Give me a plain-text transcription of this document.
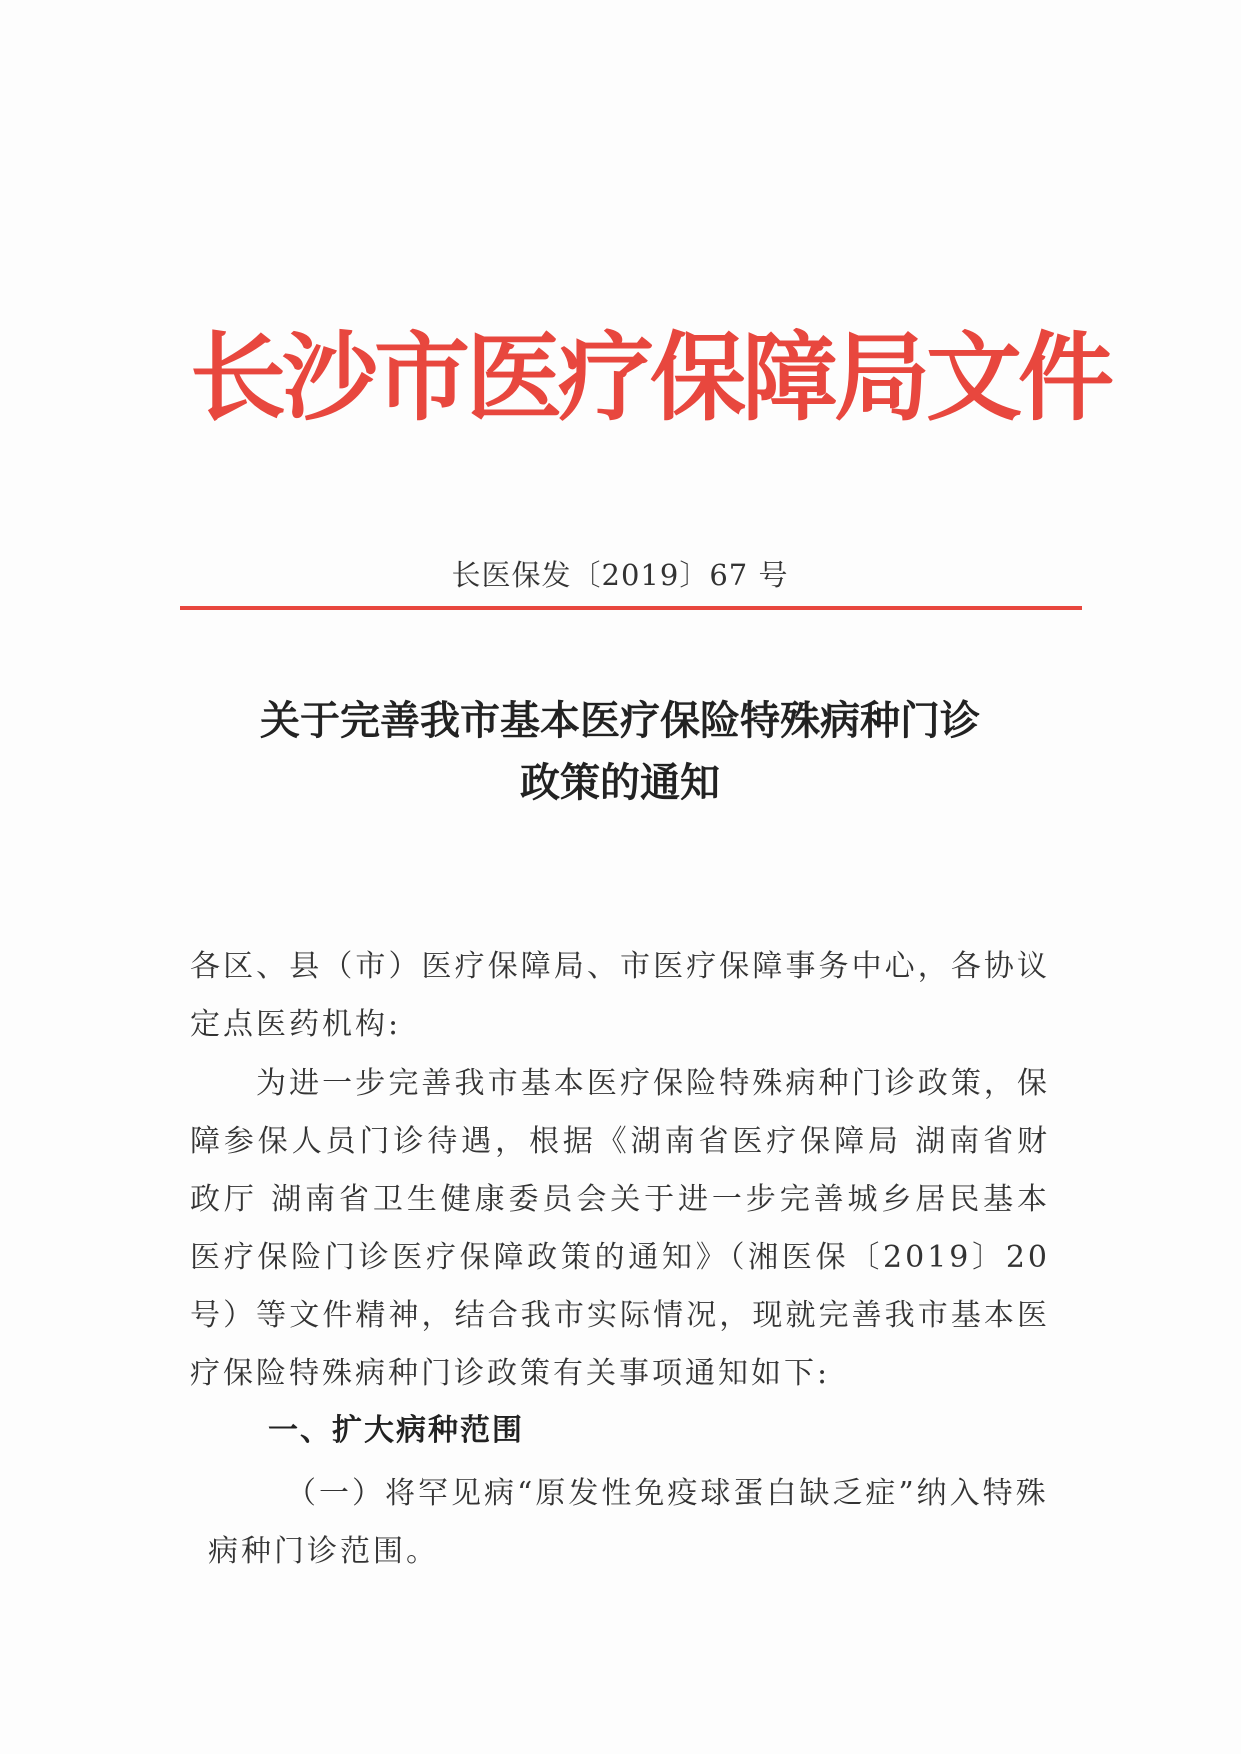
长沙市医疗保障局文件
长医保发〔2019〕67 号
关于完善我市基本医疗保险特殊病种门诊
政策的通知
各区、县（市）医疗保障局、市医疗保障事务中心，各协议定点医药机构:
为进一步完善我市基本医疗保险特殊病种门诊政策，保障参保人员门诊待遇，根据《湖南省医疗保障局 湖南省财政厅 湖南省卫生健康委员会关于进一步完善城乡居民基本医疗保险门诊医疗保障政策的通知》（湘医保〔2019〕20 号）等文件精神，结合我市实际情况，现就完善我市基本医疗保险特殊病种门诊政策有关事项通知如下:
一、扩大病种范围
（一）将罕见病“原发性免疫球蛋白缺乏症”纳入特殊病种门诊范围。
